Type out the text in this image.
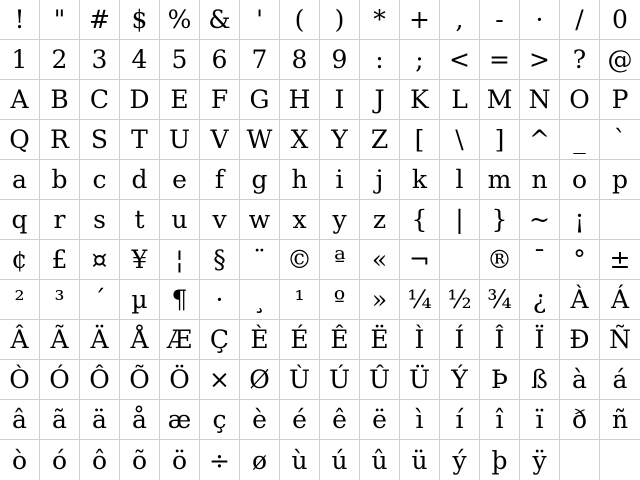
! " # $ % & ' ( ) * + , - · / 0
1 2 3 4 5 6 7 8 9 : ; < = > ? @
A B C D E F G H I J K L M N O P
Q R S T U V W X Y Z [ \ ] ^ _ `
a b c d e f g h i j k l m n o p
q r s t u v w x y z { | } ~ ¡
¢ £ ¤ ¥ ¦ § ¨ © ª « ¬ ® ¯ ° ±
² ³ ´ µ ¶ · ¸ ¹ º » ¼ ½ ¾ ¿ À Á
Â Ã Ä Å Æ Ç È É Ê Ë Ì Í Î Ï Ð Ñ
Ò Ó Ô Õ Ö × Ø Ù Ú Û Ü Ý Þ ß à á
â ã ä å æ ç è é ê ë ì í î ï ð ñ
ò ó ô õ ö ÷ ø ù ú û ü ý þ ÿ
